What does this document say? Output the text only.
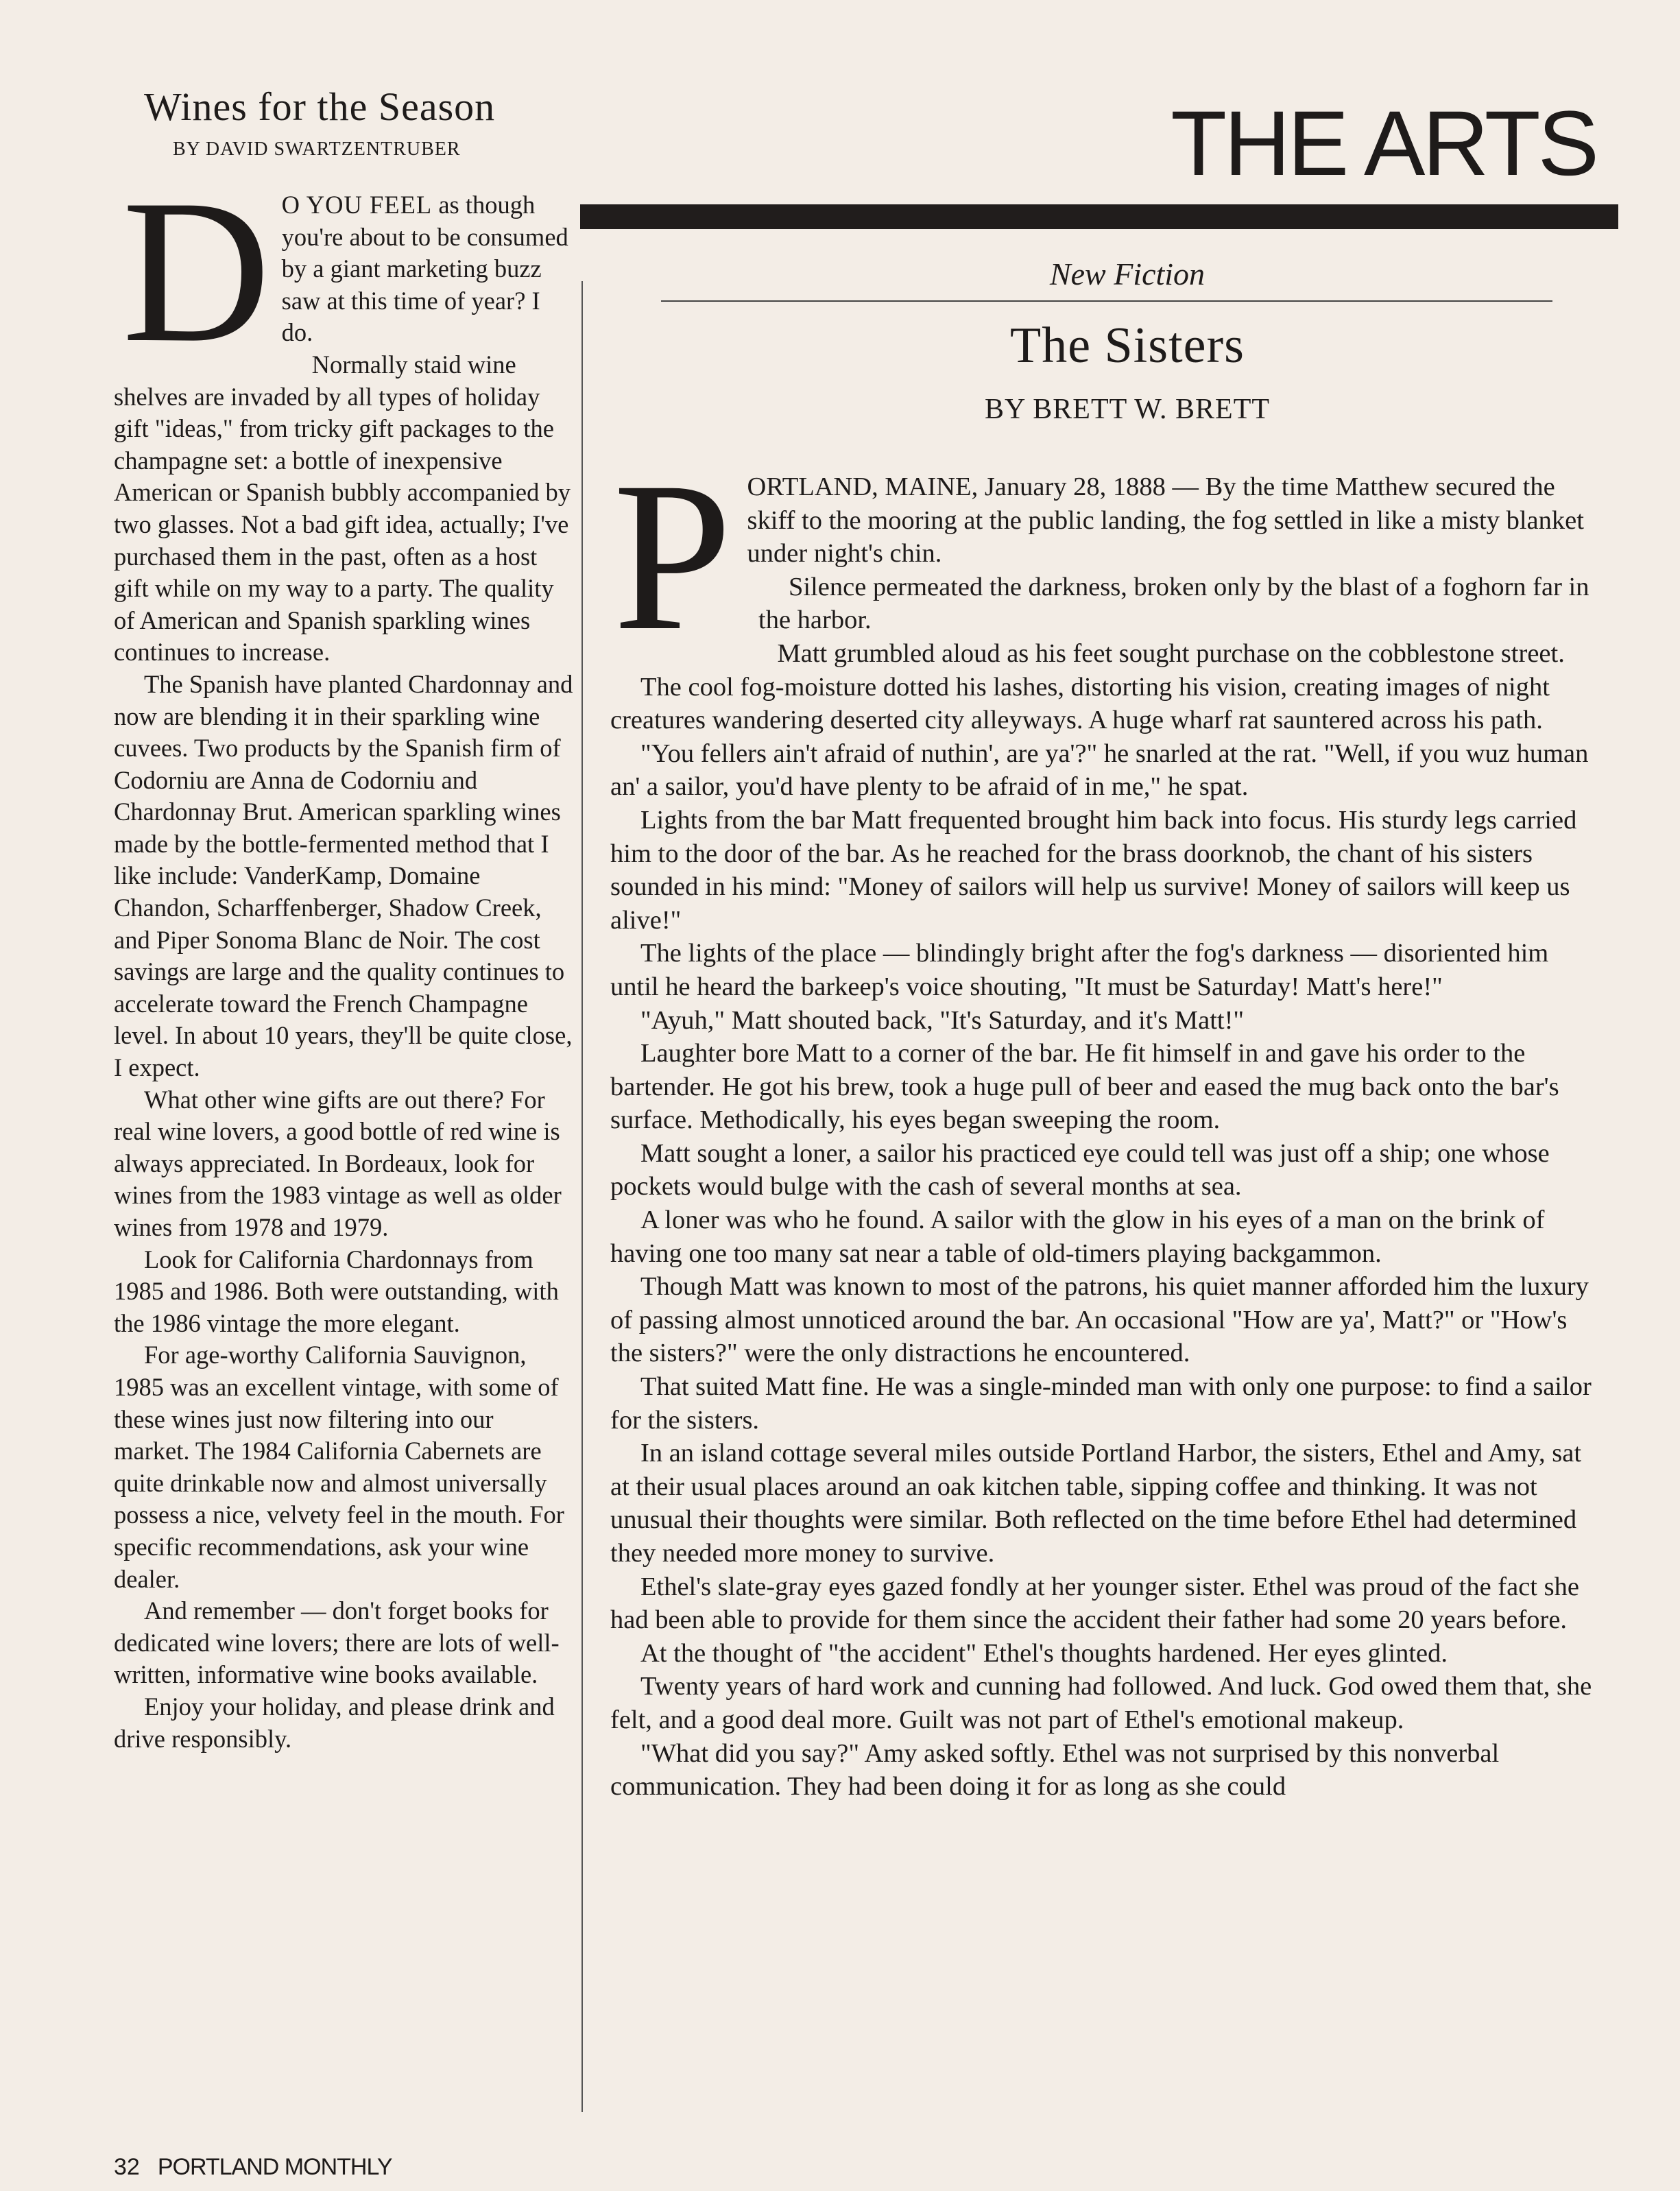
Wines for the Season
BY DAVID SWARTZENTRUBER

D O YOU FEEL as though you're about to be consumed by a giant marketing buzz saw at this time of year? I do.

Normally staid wine shelves are invaded by all types of holiday gift "ideas," from tricky gift packages to the champagne set: a bottle of inexpensive American or Spanish bubbly accompanied by two glasses. Not a bad gift idea, actually; I've purchased them in the past, often as a host gift while on my way to a party. The quality of American and Spanish sparkling wines continues to increase.

The Spanish have planted Chardonnay and now are blending it in their sparkling wine cuvees. Two products by the Spanish firm of Codorniu are Anna de Codorniu and Chardonnay Brut. American sparkling wines made by the bottle-fermented method that I like include: VanderKamp, Domaine Chandon, Scharffenberger, Shadow Creek, and Piper Sonoma Blanc de Noir. The cost savings are large and the quality continues to accelerate toward the French Champagne level. In about 10 years, they'll be quite close, I expect.

What other wine gifts are out there? For real wine lovers, a good bottle of red wine is always appreciated. In Bordeaux, look for wines from the 1983 vintage as well as older wines from 1978 and 1979.

Look for California Chardonnays from 1985 and 1986. Both were outstanding, with the 1986 vintage the more elegant.

For age-worthy California Sauvignon, 1985 was an excellent vintage, with some of these wines just now filtering into our market. The 1984 California Cabernets are quite drinkable now and almost universally possess a nice, velvety feel in the mouth. For specific recommendations, ask your wine dealer.

And remember — don't forget books for dedicated wine lovers; there are lots of well-written, informative wine books available.

Enjoy your holiday, and please drink and drive responsibly.

THE ARTS
New Fiction
The Sisters
BY BRETT W. BRETT

PORTLAND, MAINE, January 28, 1888 — By the time Matthew secured the skiff to the mooring at the public landing, the fog settled in like a misty blanket under night's chin.

Silence permeated the darkness, broken only by the blast of a foghorn far in the harbor.

Matt grumbled aloud as his feet sought purchase on the cobblestone street.

The cool fog-moisture dotted his lashes, distorting his vision, creating images of night creatures wandering deserted city alleyways. A huge wharf rat sauntered across his path.

"You fellers ain't afraid of nuthin', are ya'?" he snarled at the rat. "Well, if you wuz human an' a sailor, you'd have plenty to be afraid of in me," he spat.

Lights from the bar Matt frequented brought him back into focus. His sturdy legs carried him to the door of the bar. As he reached for the brass doorknob, the chant of his sisters sounded in his mind: "Money of sailors will help us survive! Money of sailors will keep us alive!"

The lights of the place — blindingly bright after the fog's darkness — disoriented him until he heard the barkeep's voice shouting, "It must be Saturday! Matt's here!"

"Ayuh," Matt shouted back, "It's Saturday, and it's Matt!"

Laughter bore Matt to a corner of the bar. He fit himself in and gave his order to the bartender. He got his brew, took a huge pull of beer and eased the mug back onto the bar's surface. Methodically, his eyes began sweeping the room.

Matt sought a loner, a sailor his practiced eye could tell was just off a ship; one whose pockets would bulge with the cash of several months at sea.

A loner was who he found. A sailor with the glow in his eyes of a man on the brink of having one too many sat near a table of old-timers playing backgammon.

Though Matt was known to most of the patrons, his quiet manner afforded him the luxury of passing almost unnoticed around the bar. An occasional "How are ya', Matt?" or "How's the sisters?" were the only distractions he encountered.

That suited Matt fine. He was a single-minded man with only one purpose: to find a sailor for the sisters.

In an island cottage several miles outside Portland Harbor, the sisters, Ethel and Amy, sat at their usual places around an oak kitchen table, sipping coffee and thinking. It was not unusual their thoughts were similar. Both reflected on the time before Ethel had determined they needed more money to survive.

Ethel's slate-gray eyes gazed fondly at her younger sister. Ethel was proud of the fact she had been able to provide for them since the accident their father had some 20 years before.

At the thought of "the accident" Ethel's thoughts hardened. Her eyes glinted.

Twenty years of hard work and cunning had followed. And luck. God owed them that, she felt, and a good deal more. Guilt was not part of Ethel's emotional makeup.

"What did you say?" Amy asked softly. Ethel was not surprised by this nonverbal communication. They had been doing it for as long as she could

32 PORTLAND MONTHLY
